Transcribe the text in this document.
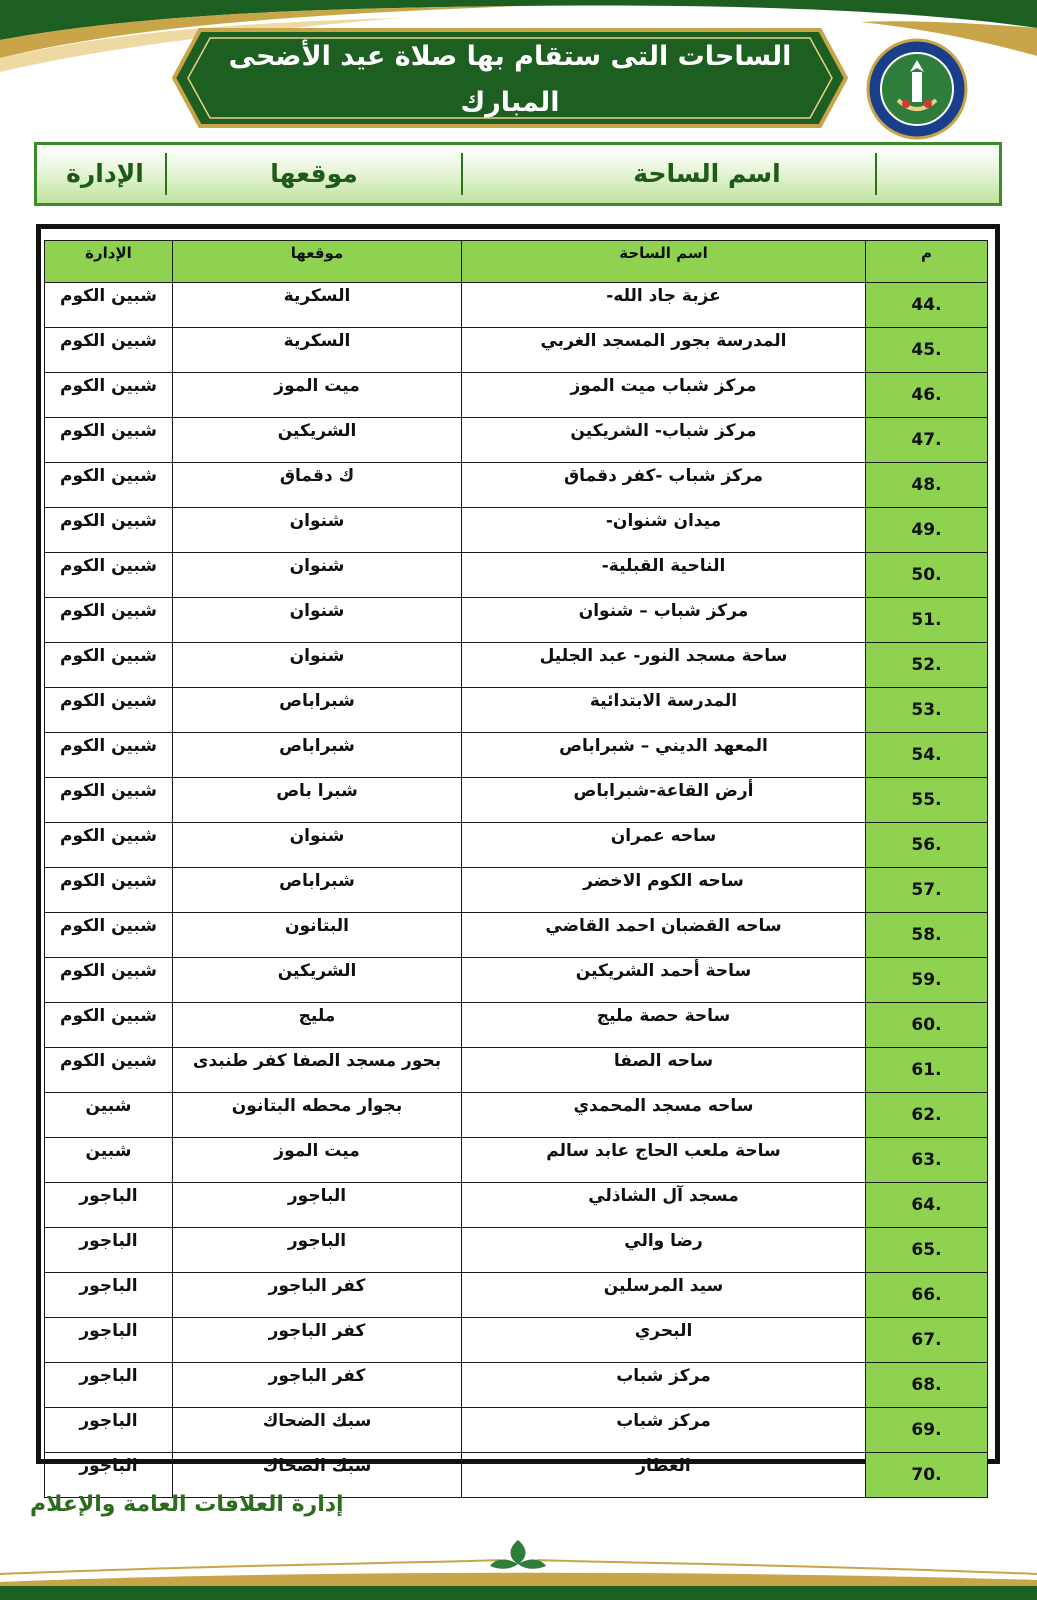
الساحات التى ستقام بها صلاة عيد الأضحى المبارك
اسم الساحة
موقعها
الإدارة
م	اسم الساحة	موقعها	الإدارة
.44	عزبة جاد الله-	السكرية	شبين الكوم
.45	المدرسة بجور المسجد الغربي	السكرية	شبين الكوم
.46	مركز شباب ميت الموز	ميت الموز	شبين الكوم
.47	مركز شباب- الشريكين	الشريكين	شبين الكوم
.48	مركز شباب -كفر دقماق	ك دقماق	شبين الكوم
.49	ميدان شنوان-	شنوان	شبين الكوم
.50	الناحية القبلية-	شنوان	شبين الكوم
.51	مركز شباب – شنوان	شنوان	شبين الكوم
.52	ساحة مسجد النور- عبد الجليل	شنوان	شبين الكوم
.53	المدرسة الابتدائية	شبراباص	شبين الكوم
.54	المعهد الديني – شبراباص	شبراباص	شبين الكوم
.55	أرض القاعة-شبراباص	شبرا باص	شبين الكوم
.56	ساحه عمران	شنوان	شبين الكوم
.57	ساحه الكوم الاخضر	شبراباص	شبين الكوم
.58	ساحه القضبان احمد القاضي	البتانون	شبين الكوم
.59	ساحة أحمد الشريكين	الشريكين	شبين الكوم
.60	ساحة حصة مليج	مليج	شبين الكوم
.61	ساحه الصفا	بحور مسجد الصفا كفر طنبدى	شبين الكوم
.62	ساحه مسجد المحمدي	بجوار محطه البتانون	شبين
.63	ساحة ملعب الحاج عابد سالم	ميت الموز	شبين
.64	مسجد آل الشاذلي	الباجور	الباجور
.65	رضا والي	الباجور	الباجور
.66	سيد المرسلين	كفر الباجور	الباجور
.67	البحري	كفر الباجور	الباجور
.68	مركز شباب	كفر الباجور	الباجور
.69	مركز شباب	سبك الضحاك	الباجور
.70	العطار	سبك الضحاك	الباجور
إدارة العلاقات العامة والإعلام
